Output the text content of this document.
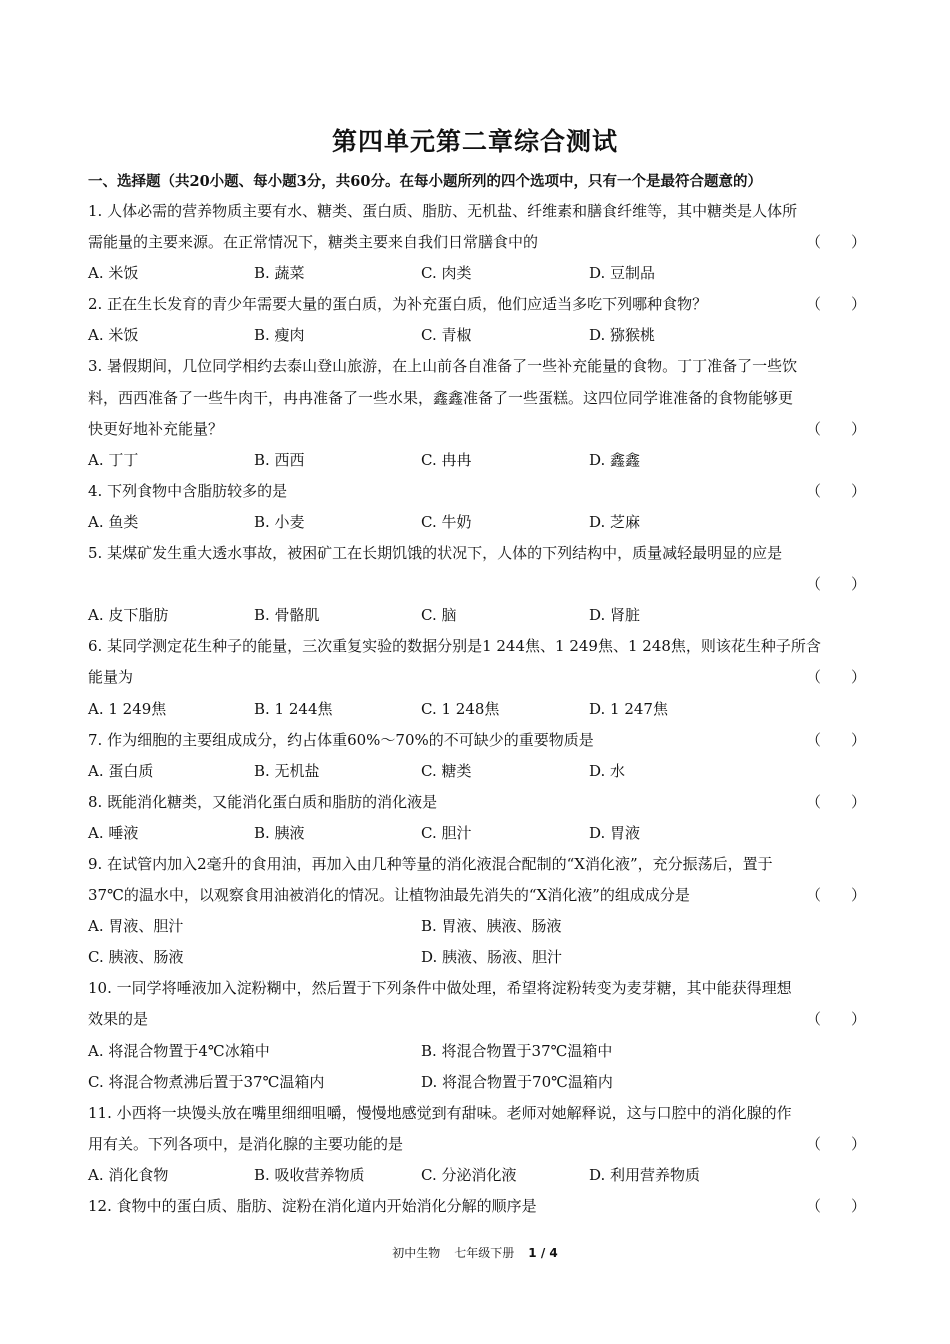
第四单元第二章综合测试
一、选择题（共20小题、每小题3分，共60分。在每小题所列的四个选项中，只有一个是最符合题意的）
1. 人体必需的营养物质主要有水、糖类、蛋白质、脂肪、无机盐、纤维素和膳食纤维等，其中糖类是人体所
需能量的主要来源。在正常情况下，糖类主要来自我们日常膳食中的	（　　）
A. 米饭	B. 蔬菜	C. 肉类	D. 豆制品
2. 正在生长发育的青少年需要大量的蛋白质，为补充蛋白质，他们应适当多吃下列哪种食物？	（　　）
A. 米饭	B. 瘦肉	C. 青椒	D. 猕猴桃
3. 暑假期间，几位同学相约去泰山登山旅游，在上山前各自准备了一些补充能量的食物。丁丁准备了一些饮
料，西西准备了一些牛肉干，冉冉准备了一些水果，鑫鑫准备了一些蛋糕。这四位同学谁准备的食物能够更
快更好地补充能量？	（　　）
A. 丁丁	B. 西西	C. 冉冉	D. 鑫鑫
4. 下列食物中含脂肪较多的是	（　　）
A. 鱼类	B. 小麦	C. 牛奶	D. 芝麻
5. 某煤矿发生重大透水事故，被困矿工在长期饥饿的状况下，人体的下列结构中，质量减轻最明显的应是
（　　）
A. 皮下脂肪	B. 骨骼肌	C. 脑	D. 肾脏
6. 某同学测定花生种子的能量，三次重复实验的数据分别是1 244焦、1 249焦、1 248焦，则该花生种子所含
能量为	（　　）
A. 1 249焦	B. 1 244焦	C. 1 248焦	D. 1 247焦
7. 作为细胞的主要组成成分，约占体重60%～70%的不可缺少的重要物质是	（　　）
A. 蛋白质	B. 无机盐	C. 糖类	D. 水
8. 既能消化糖类，又能消化蛋白质和脂肪的消化液是	（　　）
A. 唾液	B. 胰液	C. 胆汁	D. 胃液
9. 在试管内加入2毫升的食用油，再加入由几种等量的消化液混合配制的“X消化液”，充分振荡后，置于
37℃的温水中，以观察食用油被消化的情况。让植物油最先消失的“X消化液”的组成成分是	（　　）
A. 胃液、胆汁	B. 胃液、胰液、肠液
C. 胰液、肠液	D. 胰液、肠液、胆汁
10. 一同学将唾液加入淀粉糊中，然后置于下列条件中做处理，希望将淀粉转变为麦芽糖，其中能获得理想
效果的是	（　　）
A. 将混合物置于4℃冰箱中	B. 将混合物置于37℃温箱中
C. 将混合物煮沸后置于37℃温箱内	D. 将混合物置于70℃温箱内
11. 小西将一块馒头放在嘴里细细咀嚼，慢慢地感觉到有甜味。老师对她解释说，这与口腔中的消化腺的作
用有关。下列各项中，是消化腺的主要功能的是	（　　）
A. 消化食物	B. 吸收营养物质	C. 分泌消化液	D. 利用营养物质
12. 食物中的蛋白质、脂肪、淀粉在消化道内开始消化分解的顺序是	（　　）
初中生物 七年级下册 1 / 4
